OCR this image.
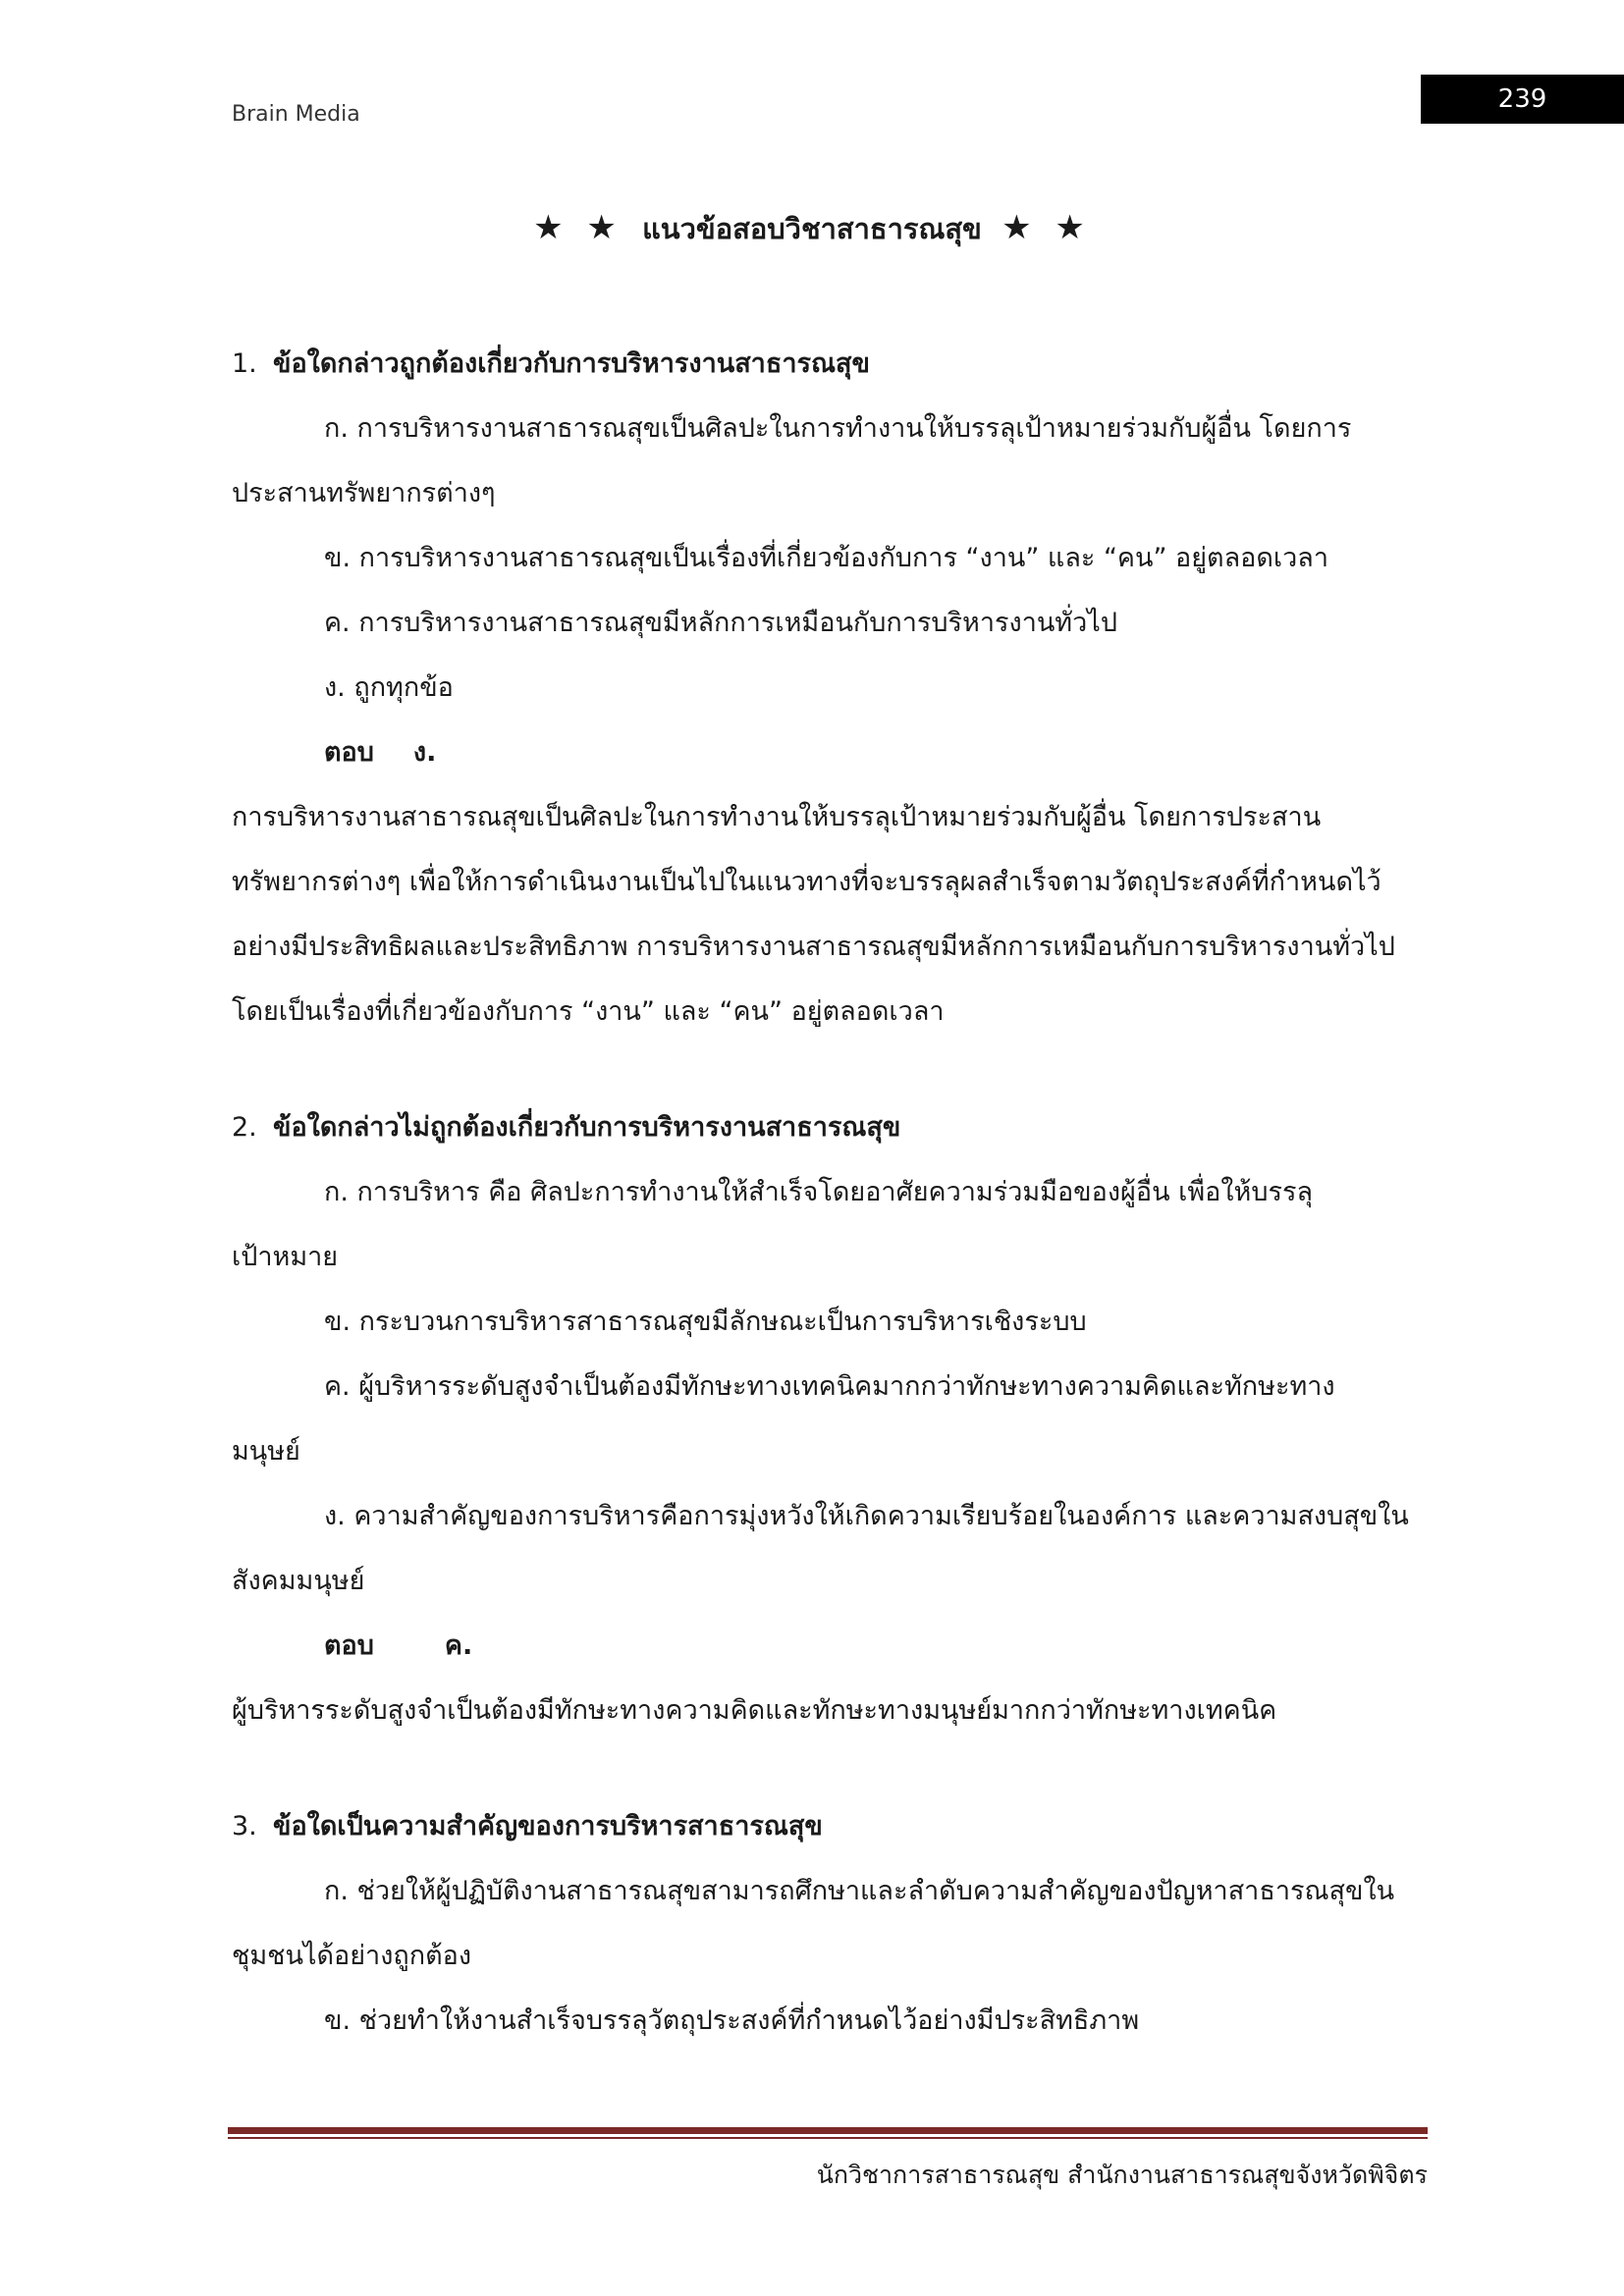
Brain Media
239
★ ★ แนวข้อสอบวิชาสาธารณสุข ★ ★
1. ข้อใดกล่าวถูกต้องเกี่ยวกับการบริหารงานสาธารณสุข
ก. การบริหารงานสาธารณสุขเป็นศิลปะในการทำงานให้บรรลุเป้าหมายร่วมกับผู้อื่น โดยการ
ประสานทรัพยากรต่างๆ
ข. การบริหารงานสาธารณสุขเป็นเรื่องที่เกี่ยวข้องกับการ “งาน” และ “คน” อยู่ตลอดเวลา
ค. การบริหารงานสาธารณสุขมีหลักการเหมือนกับการบริหารงานทั่วไป
ง. ถูกทุกข้อ
ตอบ ง.
การบริหารงานสาธารณสุขเป็นศิลปะในการทำงานให้บรรลุเป้าหมายร่วมกับผู้อื่น โดยการประสาน
ทรัพยากรต่างๆ เพื่อให้การดำเนินงานเป็นไปในแนวทางที่จะบรรลุผลสำเร็จตามวัตถุประสงค์ที่กำหนดไว้
อย่างมีประสิทธิผลและประสิทธิภาพ การบริหารงานสาธารณสุขมีหลักการเหมือนกับการบริหารงานทั่วไป
โดยเป็นเรื่องที่เกี่ยวข้องกับการ “งาน” และ “คน” อยู่ตลอดเวลา
2. ข้อใดกล่าวไม่ถูกต้องเกี่ยวกับการบริหารงานสาธารณสุข
ก. การบริหาร คือ ศิลปะการทำงานให้สำเร็จโดยอาศัยความร่วมมือของผู้อื่น เพื่อให้บรรลุ
เป้าหมาย
ข. กระบวนการบริหารสาธารณสุขมีลักษณะเป็นการบริหารเชิงระบบ
ค. ผู้บริหารระดับสูงจำเป็นต้องมีทักษะทางเทคนิคมากกว่าทักษะทางความคิดและทักษะทาง
มนุษย์
ง. ความสำคัญของการบริหารคือการมุ่งหวังให้เกิดความเรียบร้อยในองค์การ และความสงบสุขใน
สังคมมนุษย์
ตอบ	ค.
ผู้บริหารระดับสูงจำเป็นต้องมีทักษะทางความคิดและทักษะทางมนุษย์มากกว่าทักษะทางเทคนิค
3. ข้อใดเป็นความสำคัญของการบริหารสาธารณสุข
ก. ช่วยให้ผู้ปฏิบัติงานสาธารณสุขสามารถศึกษาและลำดับความสำคัญของปัญหาสาธารณสุขใน
ชุมชนได้อย่างถูกต้อง
ข. ช่วยทำให้งานสำเร็จบรรลุวัตถุประสงค์ที่กำหนดไว้อย่างมีประสิทธิภาพ
นักวิชาการสาธารณสุข สำนักงานสาธารณสุขจังหวัดพิจิตร
